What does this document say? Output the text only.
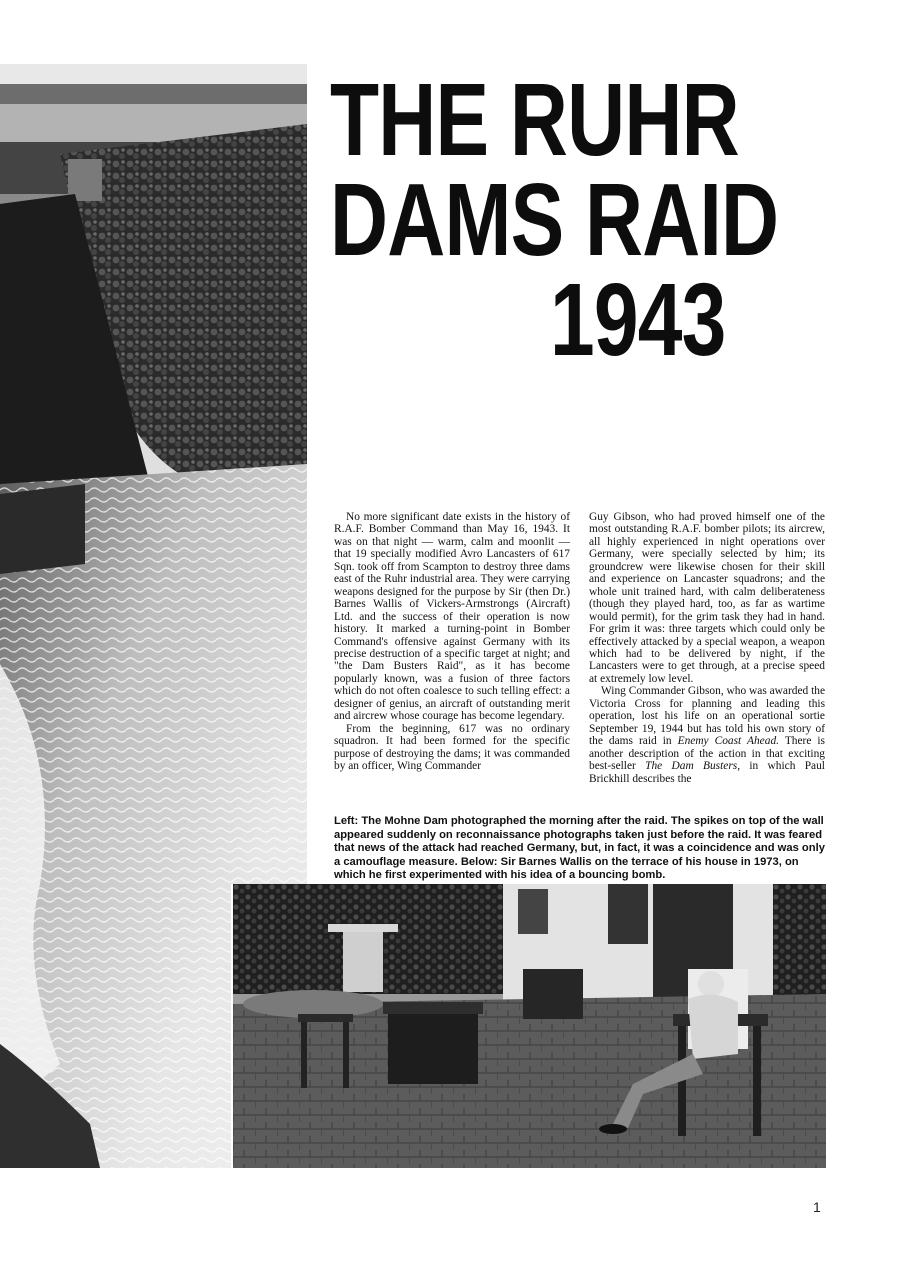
THE RUHR
DAMS RAID
1943

No more significant date exists in the history of R.A.F. Bomber Command than May 16, 1943. It was on that night — warm, calm and moonlit — that 19 specially modified Avro Lancasters of 617 Sqn. took off from Scampton to destroy three dams east of the Ruhr industrial area. They were carrying weapons designed for the purpose by Sir (then Dr.) Barnes Wallis of Vickers-Armstrongs (Aircraft) Ltd. and the success of their operation is now history. It marked a turning-point in Bomber Command's offensive against Germany with its precise destruction of a specific target at night; and "the Dam Busters Raid", as it has become popularly known, was a fusion of three factors which do not often coalesce to such telling effect: a designer of genius, an aircraft of outstanding merit and aircrew whose courage has become legendary.

From the beginning, 617 was no ordinary squadron. It had been formed for the specific purpose of destroying the dams; it was commanded by an officer, Wing Commander

Guy Gibson, who had proved himself one of the most outstanding R.A.F. bomber pilots; its aircrew, all highly experienced in night operations over Germany, were specially selected by him; its groundcrew were likewise chosen for their skill and experience on Lancaster squadrons; and the whole unit trained hard, with calm deliberateness (though they played hard, too, as far as wartime would permit), for the grim task they had in hand. For grim it was: three targets which could only be effectively attacked by a special weapon, a weapon which had to be delivered by night, if the Lancasters were to get through, at a precise speed at extremely low level.

Wing Commander Gibson, who was awarded the Victoria Cross for planning and leading this operation, lost his life on an operational sortie September 19, 1944 but has told his own story of the dams raid in Enemy Coast Ahead. There is another description of the action in that exciting best-seller The Dam Busters, in which Paul Brickhill describes the

Left: The Mohne Dam photographed the morning after the raid. The spikes on top of the wall appeared suddenly on reconnaissance photographs taken just before the raid. It was feared that news of the attack had reached Germany, but, in fact, it was a coincidence and was only a camouflage measure. Below: Sir Barnes Wallis on the terrace of his house in 1973, on which he first experimented with his idea of a bouncing bomb.

1
